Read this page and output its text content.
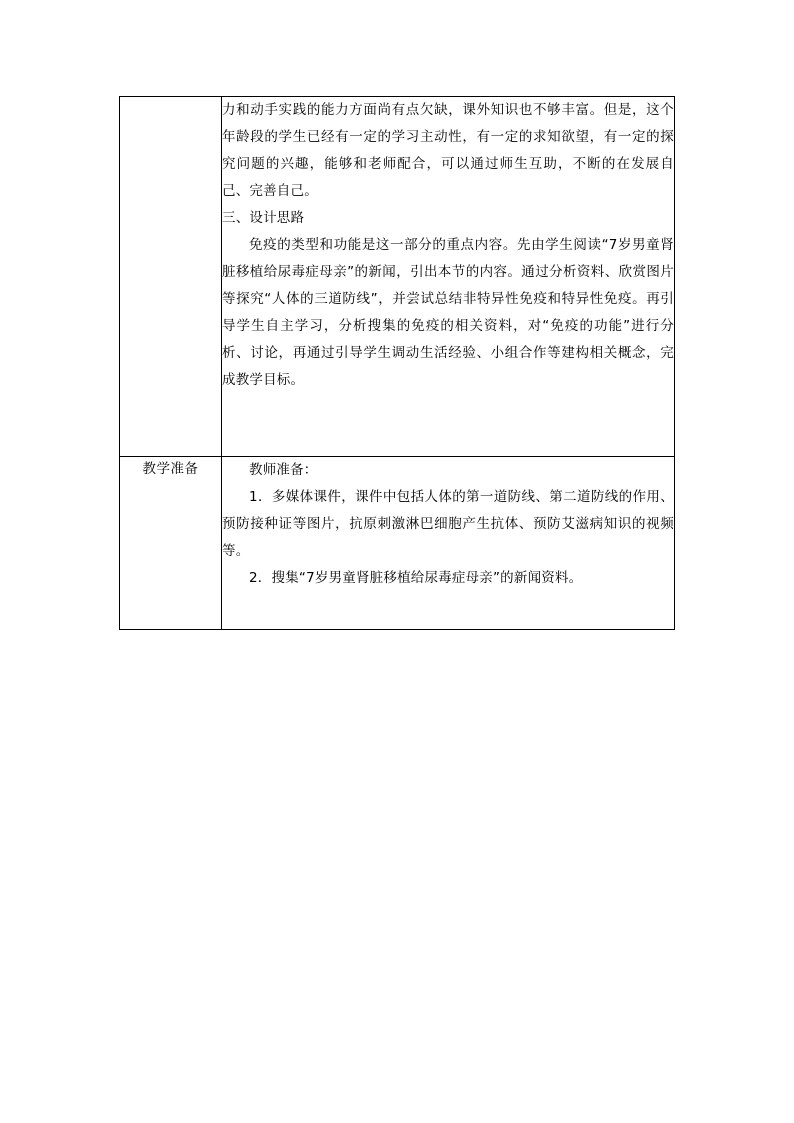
	力和动手实践的能力方面尚有点欠缺，课外知识也不够丰富。但是，这个年龄段的学生已经有一定的学习主动性，有一定的求知欲望，有一定的探究问题的兴趣，能够和老师配合，可以通过师生互助，不断的在发展自己、完善自己。

三、设计思路

免疫的类型和功能是这一部分的重点内容。先由学生阅读“7岁男童肾脏移植给尿毒症母亲”的新闻，引出本节的内容。通过分析资料、欣赏图片等探究“人体的三道防线”，并尝试总结非特异性免疫和特异性免疫。再引导学生自主学习，分析搜集的免疫的相关资料，对“免疫的功能”进行分析、讨论，再通过引导学生调动生活经验、小组合作等建构相关概念，完成教学目标。

教学准备	教师准备：

1．多媒体课件，课件中包括人体的第一道防线、第二道防线的作用、预防接种证等图片，抗原刺激淋巴细胞产生抗体、预防艾滋病知识的视频等。

2．搜集“7岁男童肾脏移植给尿毒症母亲”的新闻资料。
